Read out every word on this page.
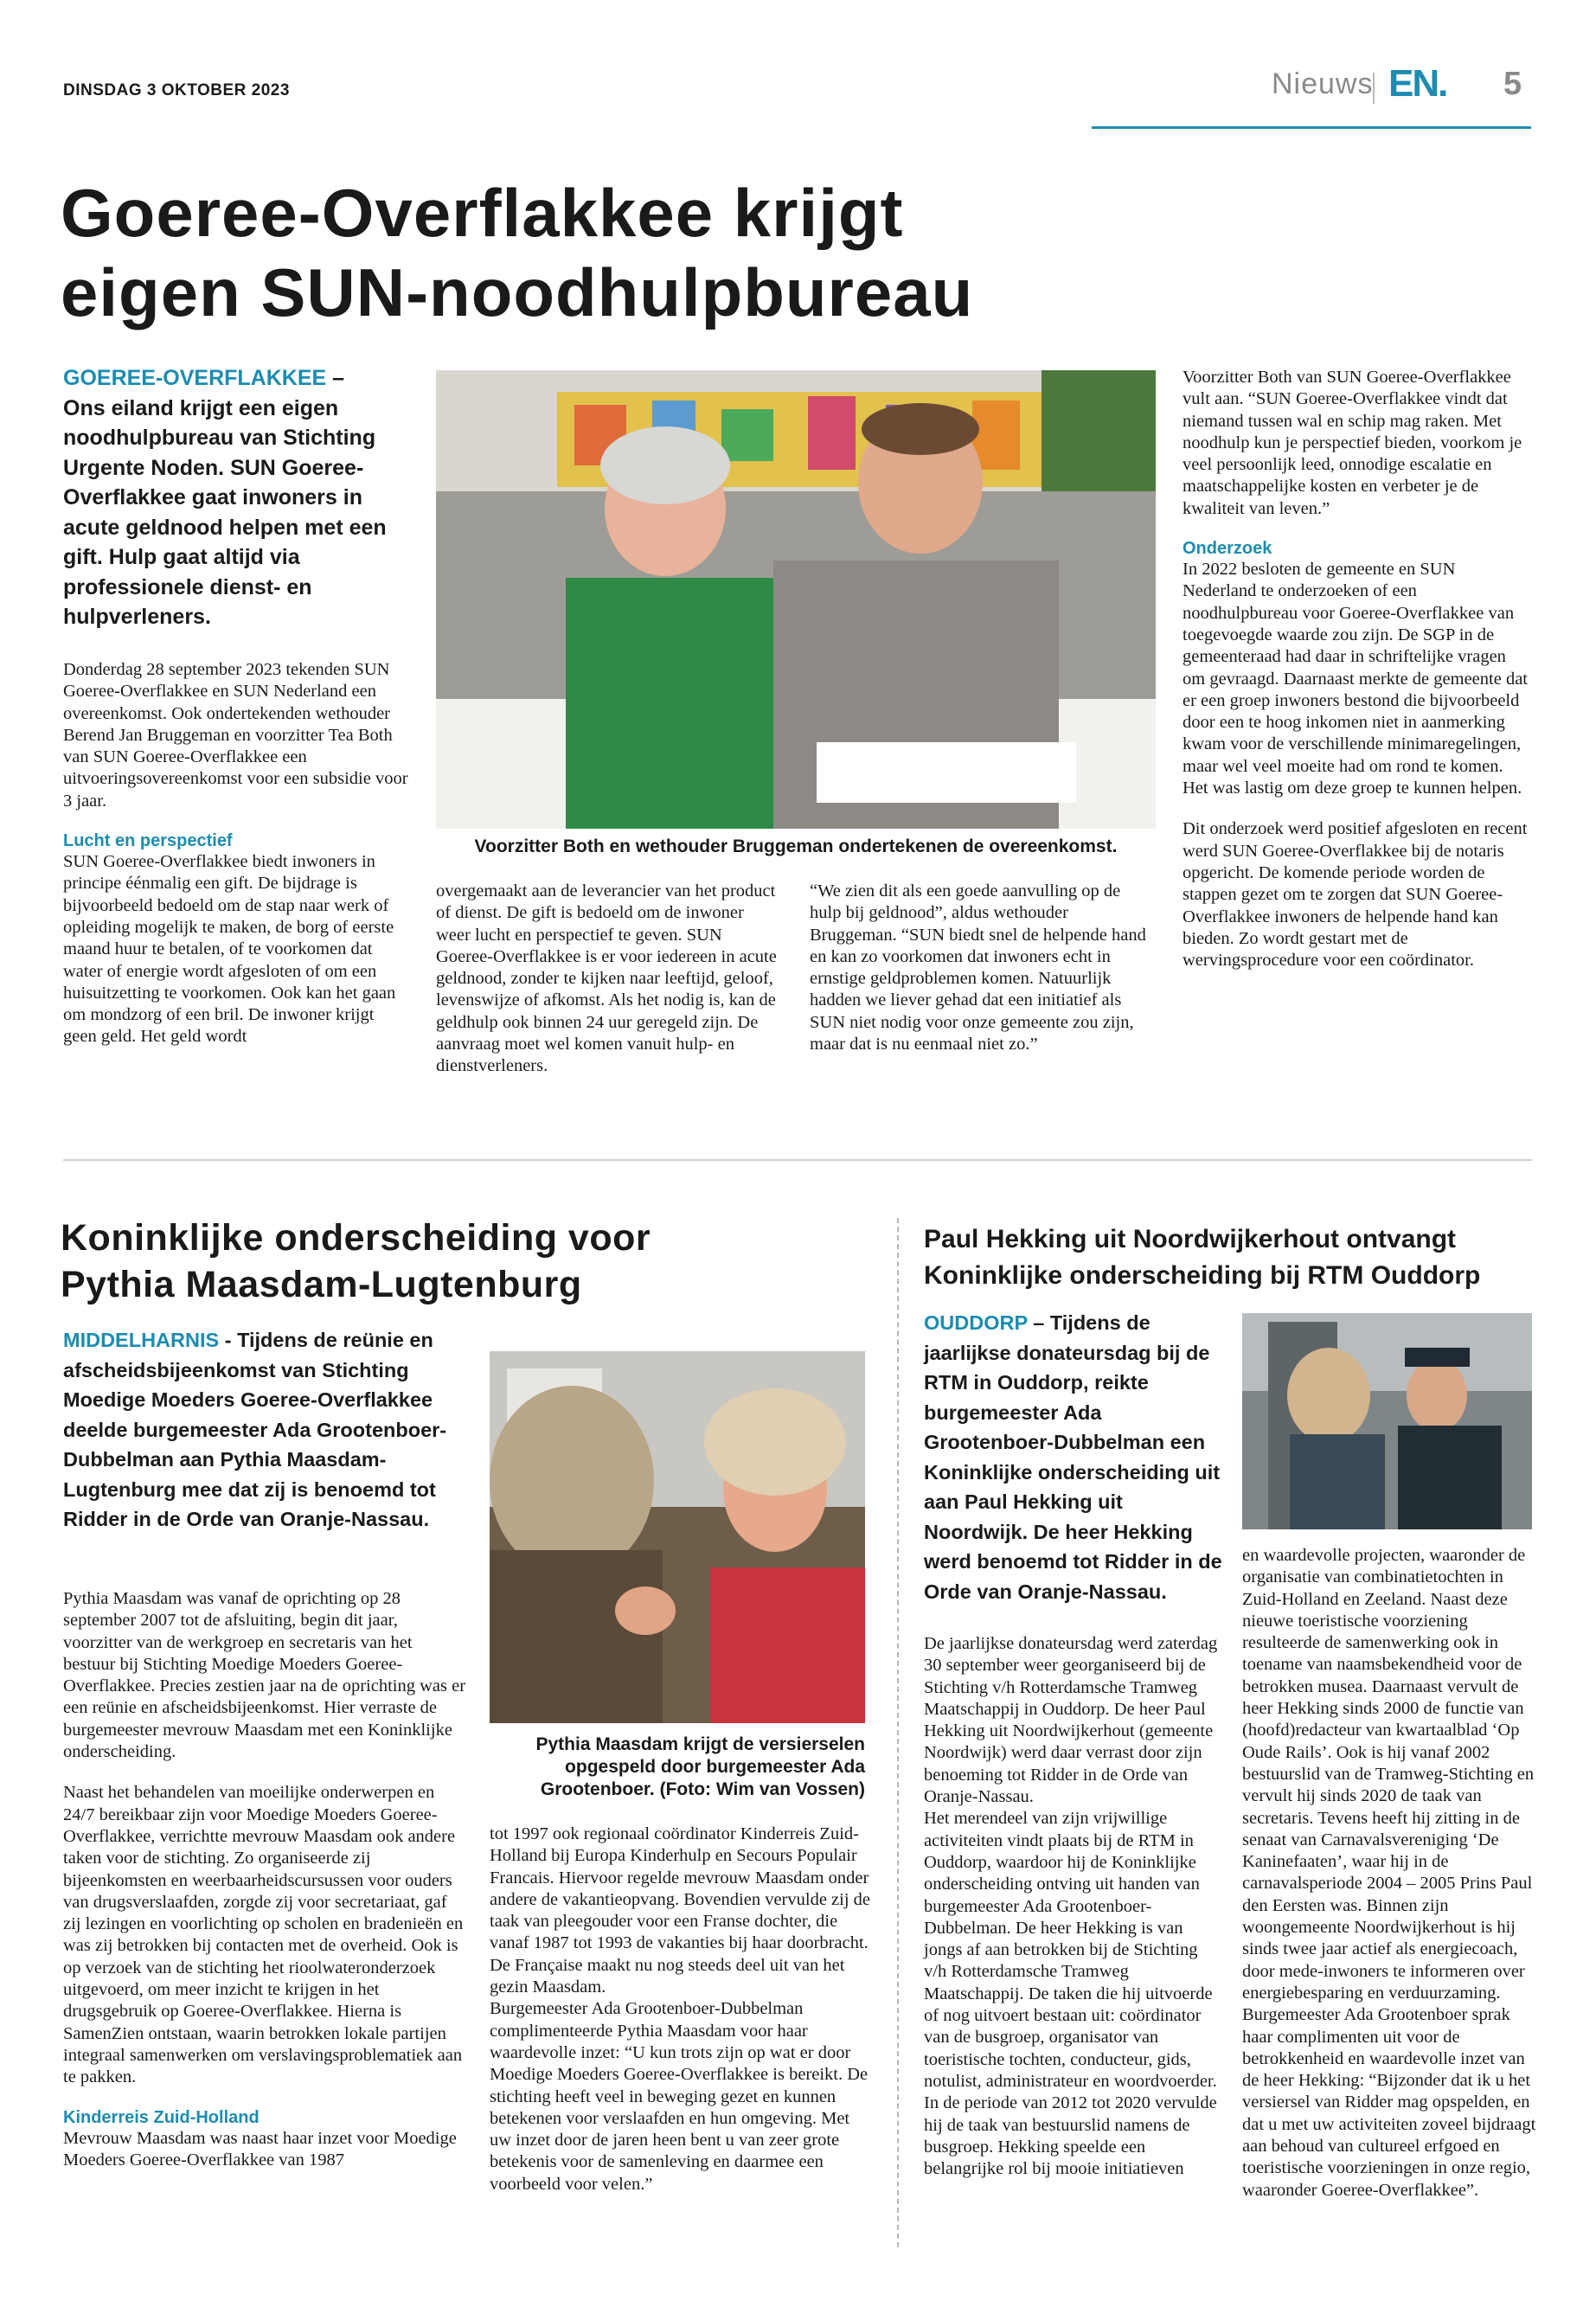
DINSDAG 3 OKTOBER 2023	Nieuws EN. 5
Goeree-Overflakkee krijgt
eigen SUN-noodhulpbureau

GOEREE-OVERFLAKKEE – Ons eiland krijgt een eigen noodhulpbureau van Stichting Urgente Noden. SUN Goeree-Overflakkee gaat inwoners in acute geldnood helpen met een gift. Hulp gaat altijd via professionele dienst- en hulpverleners.

Donderdag 28 september 2023 tekenden SUN Goeree-Overflakkee en SUN Nederland een overeenkomst. Ook ondertekenden wethouder Berend Jan Bruggeman en voorzitter Tea Both van SUN Goeree-Overflakkee een uitvoeringsovereenkomst voor een subsidie voor 3 jaar.

Lucht en perspectief

SUN Goeree-Overflakkee biedt inwoners in principe éénmalig een gift. De bijdrage is bijvoorbeeld bedoeld om de stap naar werk of opleiding mogelijk te maken, de borg of eerste maand huur te betalen, of te voorkomen dat water of energie wordt afgesloten of om een huisuitzetting te voorkomen. Ook kan het gaan om mondzorg of een bril. De inwoner krijgt geen geld. Het geld wordt

Voorzitter Both en wethouder Bruggeman ondertekenen de overeenkomst.

overgemaakt aan de leverancier van het product of dienst. De gift is bedoeld om de inwoner weer lucht en perspectief te geven. SUN Goeree-Overflakkee is er voor iedereen in acute geldnood, zonder te kijken naar leeftijd, geloof, levenswijze of afkomst. Als het nodig is, kan de geldhulp ook binnen 24 uur geregeld zijn. De aanvraag moet wel komen vanuit hulp- en dienstverleners.

“We zien dit als een goede aanvulling op de hulp bij geldnood”, aldus wethouder Bruggeman. “SUN biedt snel de helpende hand en kan zo voorkomen dat inwoners echt in ernstige geldproblemen komen. Natuurlijk hadden we liever gehad dat een initiatief als SUN niet nodig voor onze gemeente zou zijn, maar dat is nu eenmaal niet zo.”

Voorzitter Both van SUN Goeree-Overflakkee vult aan. “SUN Goeree-Overflakkee vindt dat niemand tussen wal en schip mag raken. Met noodhulp kun je perspectief bieden, voorkom je veel persoonlijk leed, onnodige escalatie en maatschappelijke kosten en verbeter je de kwaliteit van leven.”

Onderzoek

In 2022 besloten de gemeente en SUN Nederland te onderzoeken of een noodhulpbureau voor Goeree-Overflakkee van toegevoegde waarde zou zijn. De SGP in de gemeenteraad had daar in schriftelijke vragen om gevraagd. Daarnaast merkte de gemeente dat er een groep inwoners bestond die bijvoorbeeld door een te hoog inkomen niet in aanmerking kwam voor de verschillende minimaregelingen, maar wel veel moeite had om rond te komen. Het was lastig om deze groep te kunnen helpen.

Dit onderzoek werd positief afgesloten en recent werd SUN Goeree-Overflakkee bij de notaris opgericht. De komende periode worden de stappen gezet om te zorgen dat SUN Goeree-Overflakkee inwoners de helpende hand kan bieden. Zo wordt gestart met de wervingsprocedure voor een coördinator.

Koninklijke onderscheiding voor
Pythia Maasdam-Lugtenburg

MIDDELHARNIS - Tijdens de reünie en afscheidsbijeenkomst van Stichting Moedige Moeders Goeree-Overflakkee deelde burgemeester Ada Grootenboer-Dubbelman aan Pythia Maasdam-Lugtenburg mee dat zij is benoemd tot Ridder in de Orde van Oranje-Nassau.

Pythia Maasdam was vanaf de oprichting op 28 september 2007 tot de afsluiting, begin dit jaar, voorzitter van de werkgroep en secretaris van het bestuur bij Stichting Moedige Moeders Goeree-Overflakkee. Precies zestien jaar na de oprichting was er een reünie en afscheidsbijeenkomst. Hier verraste de burgemeester mevrouw Maasdam met een Koninklijke onderscheiding.

Naast het behandelen van moeilijke onderwerpen en 24/7 bereikbaar zijn voor Moedige Moeders Goeree-Overflakkee, verrichtte mevrouw Maasdam ook andere taken voor de stichting. Zo organiseerde zij bijeenkomsten en weerbaarheidscursussen voor ouders van drugsverslaafden, zorgde zij voor secretariaat, gaf zij lezingen en voorlichting op scholen en bradenieën en was zij betrokken bij contacten met de overheid. Ook is op verzoek van de stichting het rioolwateronderzoek uitgevoerd, om meer inzicht te krijgen in het drugsgebruik op Goeree-Overflakkee. Hierna is SamenZien ontstaan, waarin betrokken lokale partijen integraal samenwerken om verslavingsproblematiek aan te pakken.

Kinderreis Zuid-Holland

Mevrouw Maasdam was naast haar inzet voor Moedige Moeders Goeree-Overflakkee van 1987

Pythia Maasdam krijgt de versierselen opgespeld door burgemeester Ada Grootenboer. (Foto: Wim van Vossen)

tot 1997 ook regionaal coördinator Kinderreis Zuid-Holland bij Europa Kinderhulp en Secours Populair Francais. Hiervoor regelde mevrouw Maasdam onder andere de vakantieopvang. Bovendien vervulde zij de taak van pleegouder voor een Franse dochter, die vanaf 1987 tot 1993 de vakanties bij haar doorbracht. De Française maakt nu nog steeds deel uit van het gezin Maasdam.
Burgemeester Ada Grootenboer-Dubbelman complimenteerde Pythia Maasdam voor haar waardevolle inzet: “U kun trots zijn op wat er door Moedige Moeders Goeree-Overflakkee is bereikt. De stichting heeft veel in beweging gezet en kunnen betekenen voor verslaafden en hun omgeving. Met uw inzet door de jaren heen bent u van zeer grote betekenis voor de samenleving en daarmee een voorbeeld voor velen.”

Paul Hekking uit Noordwijkerhout ontvangt
Koninklijke onderscheiding bij RTM Ouddorp

OUDDORP – Tijdens de jaarlijkse donateursdag bij de RTM in Ouddorp, reikte burgemeester Ada Grootenboer-Dubbelman een Koninklijke onderscheiding uit aan Paul Hekking uit Noordwijk. De heer Hekking werd benoemd tot Ridder in de Orde van Oranje-Nassau.

De jaarlijkse donateursdag werd zaterdag 30 september weer georganiseerd bij de Stichting v/h Rotterdamsche Tramweg Maatschappij in Ouddorp. De heer Paul Hekking uit Noordwijkerhout (gemeente Noordwijk) werd daar verrast door zijn benoeming tot Ridder in de Orde van Oranje-Nassau.
Het merendeel van zijn vrijwillige activiteiten vindt plaats bij de RTM in Ouddorp, waardoor hij de Koninklijke onderscheiding ontving uit handen van burgemeester Ada Grootenboer-Dubbelman. De heer Hekking is van jongs af aan betrokken bij de Stichting v/h Rotterdamsche Tramweg Maatschappij. De taken die hij uitvoerde of nog uitvoert bestaan uit: coördinator van de busgroep, organisator van toeristische tochten, conducteur, gids, notulist, administrateur en woordvoerder. In de periode van 2012 tot 2020 vervulde hij de taak van bestuurslid namens de busgroep. Hekking speelde een belangrijke rol bij mooie initiatieven

en waardevolle projecten, waaronder de organisatie van combinatietochten in Zuid-Holland en Zeeland. Naast deze nieuwe toeristische voorziening resulteerde de samenwerking ook in toename van naamsbekendheid voor de betrokken musea. Daarnaast vervult de heer Hekking sinds 2000 de functie van (hoofd)redacteur van kwartaalblad ‘Op Oude Rails’. Ook is hij vanaf 2002 bestuurslid van de Tramweg-Stichting en vervult hij sinds 2020 de taak van secretaris. Tevens heeft hij zitting in de senaat van Carnavalsvereniging ‘De Kaninefaaten’, waar hij in de carnavalsperiode 2004 – 2005 Prins Paul den Eersten was. Binnen zijn woongemeente Noordwijkerhout is hij sinds twee jaar actief als energiecoach, door mede-inwoners te informeren over energiebesparing en verduurzaming.
Burgemeester Ada Grootenboer sprak haar complimenten uit voor de betrokkenheid en waardevolle inzet van de heer Hekking: “Bijzonder dat ik u het versiersel van Ridder mag opspelden, en dat u met uw activiteiten zoveel bijdraagt aan behoud van cultureel erfgoed en toeristische voorzieningen in onze regio, waaronder Goeree-Overflakkee”.
